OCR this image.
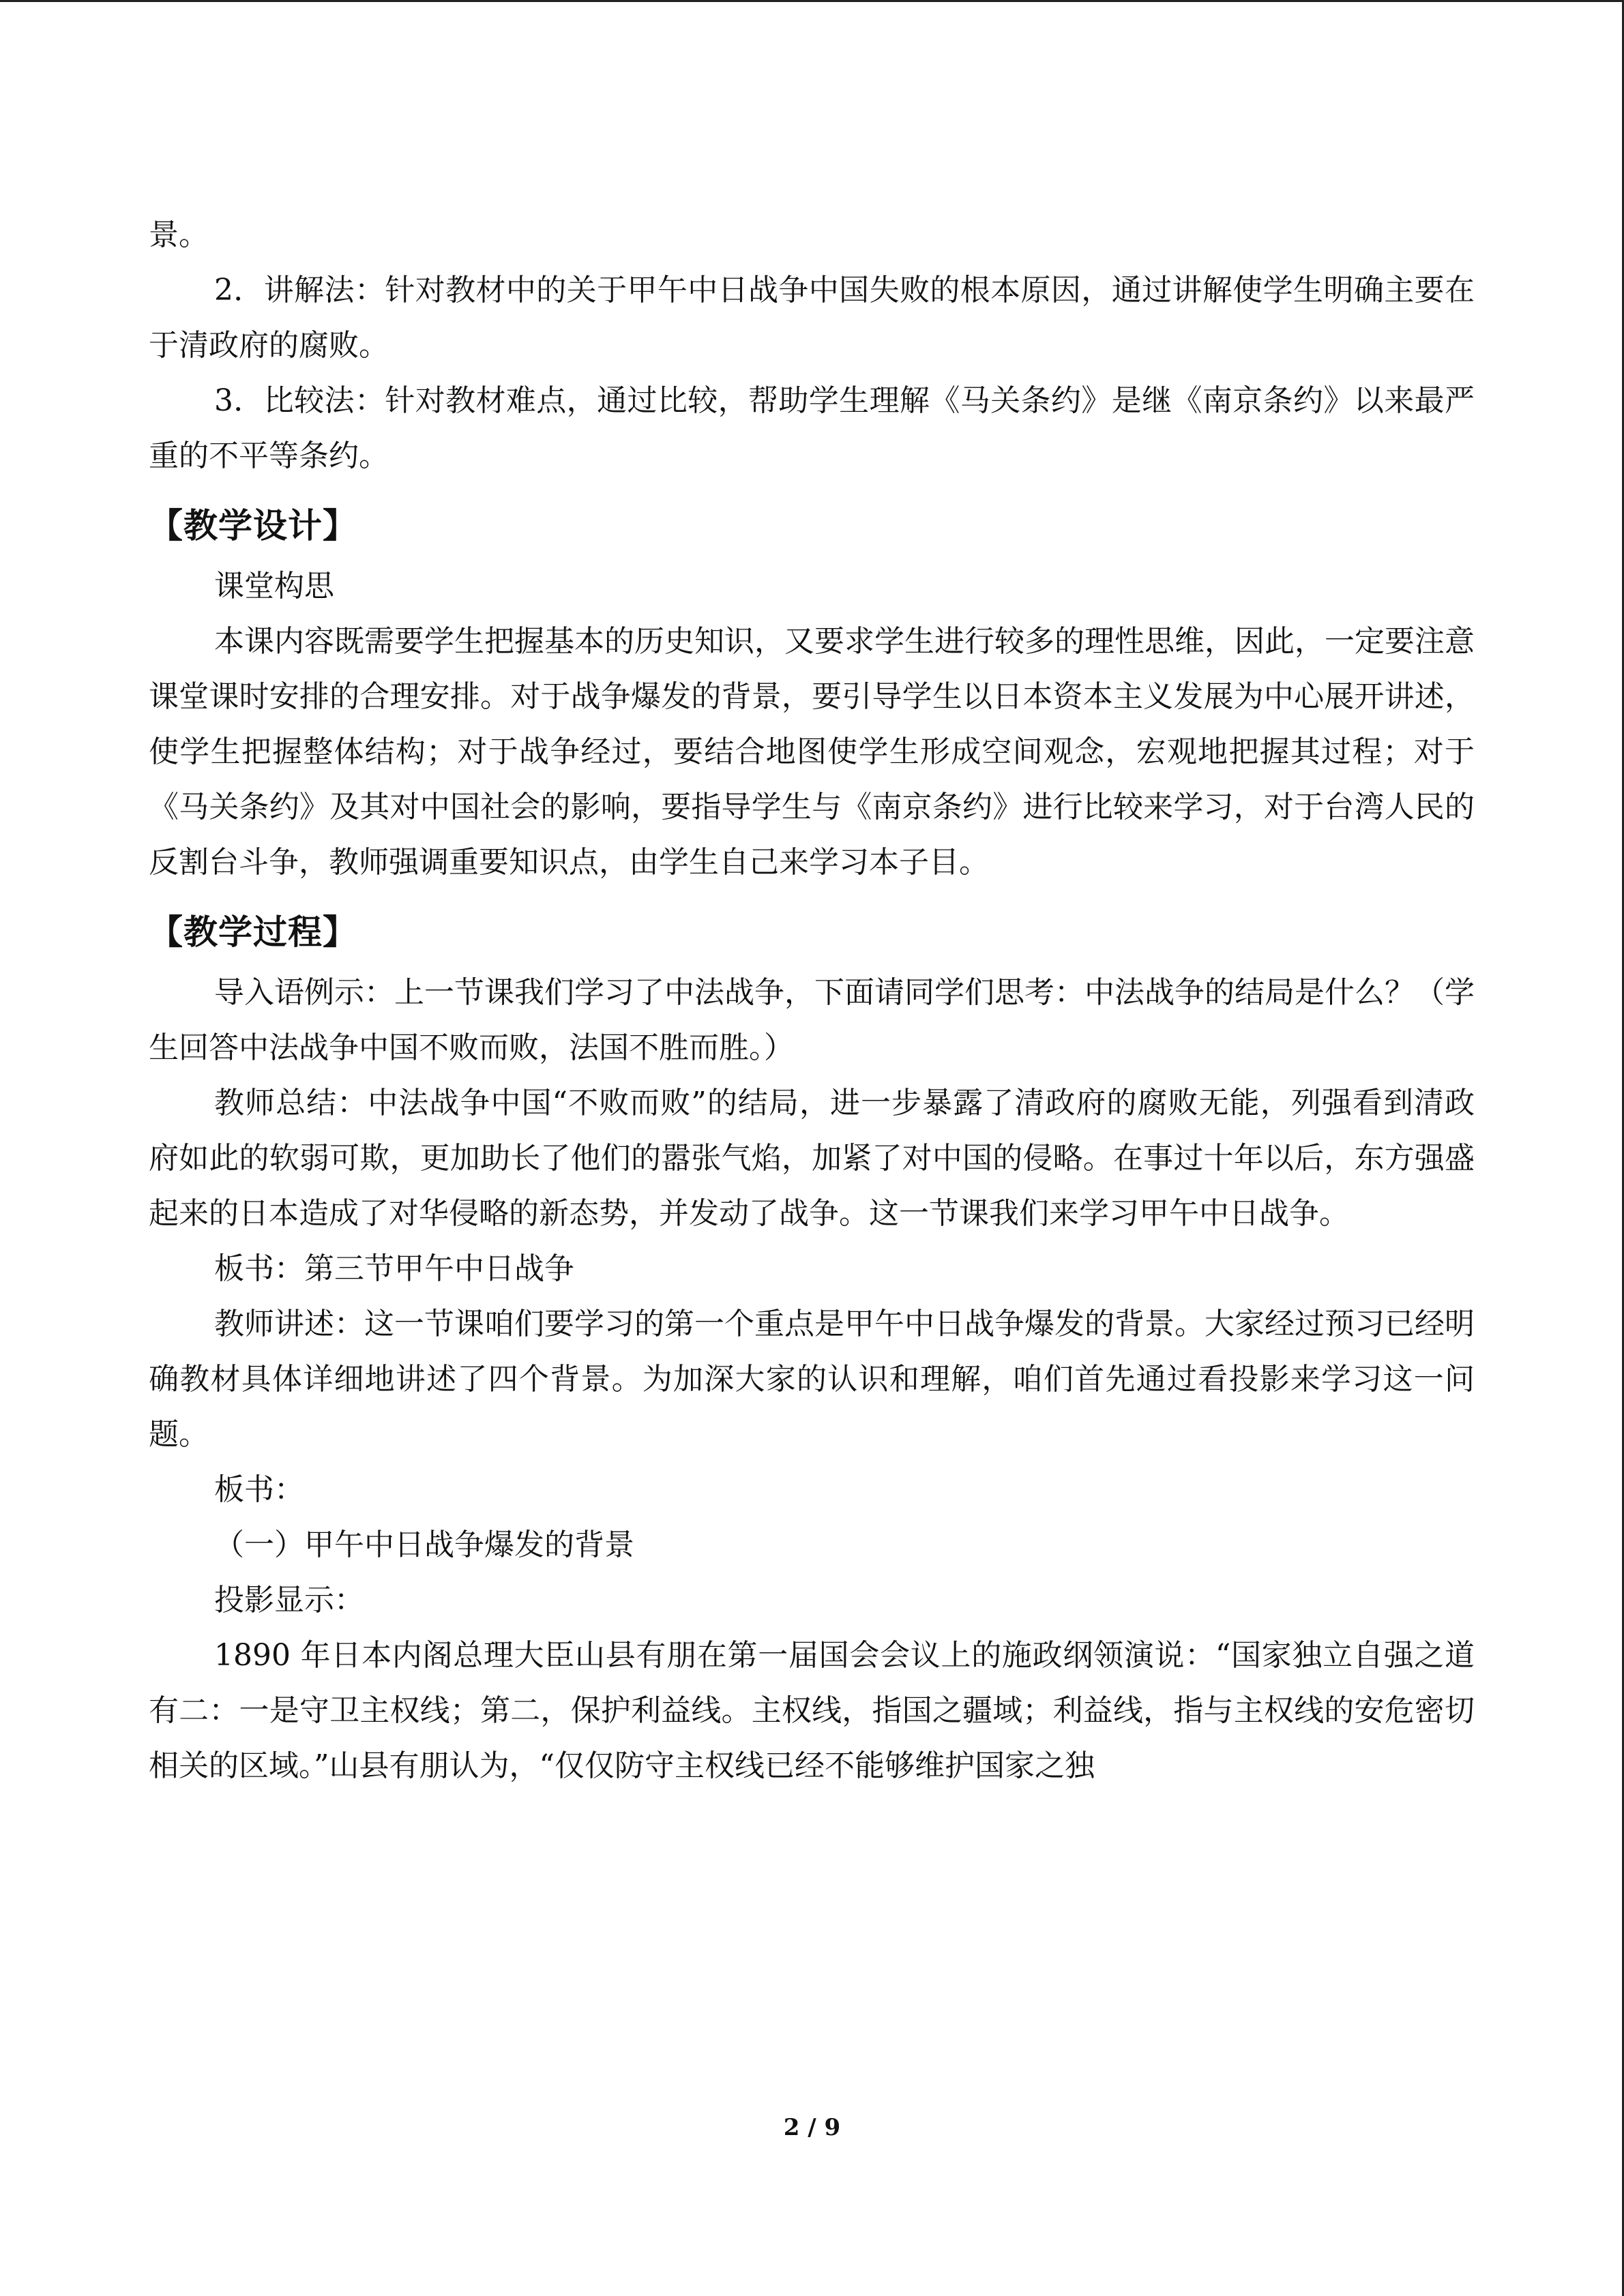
景。

2．讲解法：针对教材中的关于甲午中日战争中国失败的根本原因，通过讲解使学生明确主要在于清政府的腐败。

3．比较法：针对教材难点，通过比较，帮助学生理解《马关条约》是继《南京条约》以来最严重的不平等条约。

【教学设计】

课堂构思

本课内容既需要学生把握基本的历史知识，又要求学生进行较多的理性思维，因此，一定要注意课堂课时安排的合理安排。对于战争爆发的背景，要引导学生以日本资本主义发展为中心展开讲述，使学生把握整体结构；对于战争经过，要结合地图使学生形成空间观念，宏观地把握其过程；对于《马关条约》及其对中国社会的影响，要指导学生与《南京条约》进行比较来学习，对于台湾人民的反割台斗争，教师强调重要知识点，由学生自己来学习本子目。

【教学过程】

导入语例示：上一节课我们学习了中法战争，下面请同学们思考：中法战争的结局是什么？（学生回答中法战争中国不败而败，法国不胜而胜。）

教师总结：中法战争中国“不败而败”的结局，进一步暴露了清政府的腐败无能，列强看到清政府如此的软弱可欺，更加助长了他们的嚣张气焰，加紧了对中国的侵略。在事过十年以后，东方强盛起来的日本造成了对华侵略的新态势，并发动了战争。这一节课我们来学习甲午中日战争。

板书：第三节甲午中日战争

教师讲述：这一节课咱们要学习的第一个重点是甲午中日战争爆发的背景。大家经过预习已经明确教材具体详细地讲述了四个背景。为加深大家的认识和理解，咱们首先通过看投影来学习这一问题。

板书：

（一）甲午中日战争爆发的背景

投影显示：

1890 年日本内阁总理大臣山县有朋在第一届国会会议上的施政纲领演说：“国家独立自强之道有二：一是守卫主权线；第二，保护利益线。主权线，指国之疆域；利益线，指与主权线的安危密切相关的区域。”山县有朋认为，“仅仅防守主权线已经不能够维护国家之独

2 / 9
